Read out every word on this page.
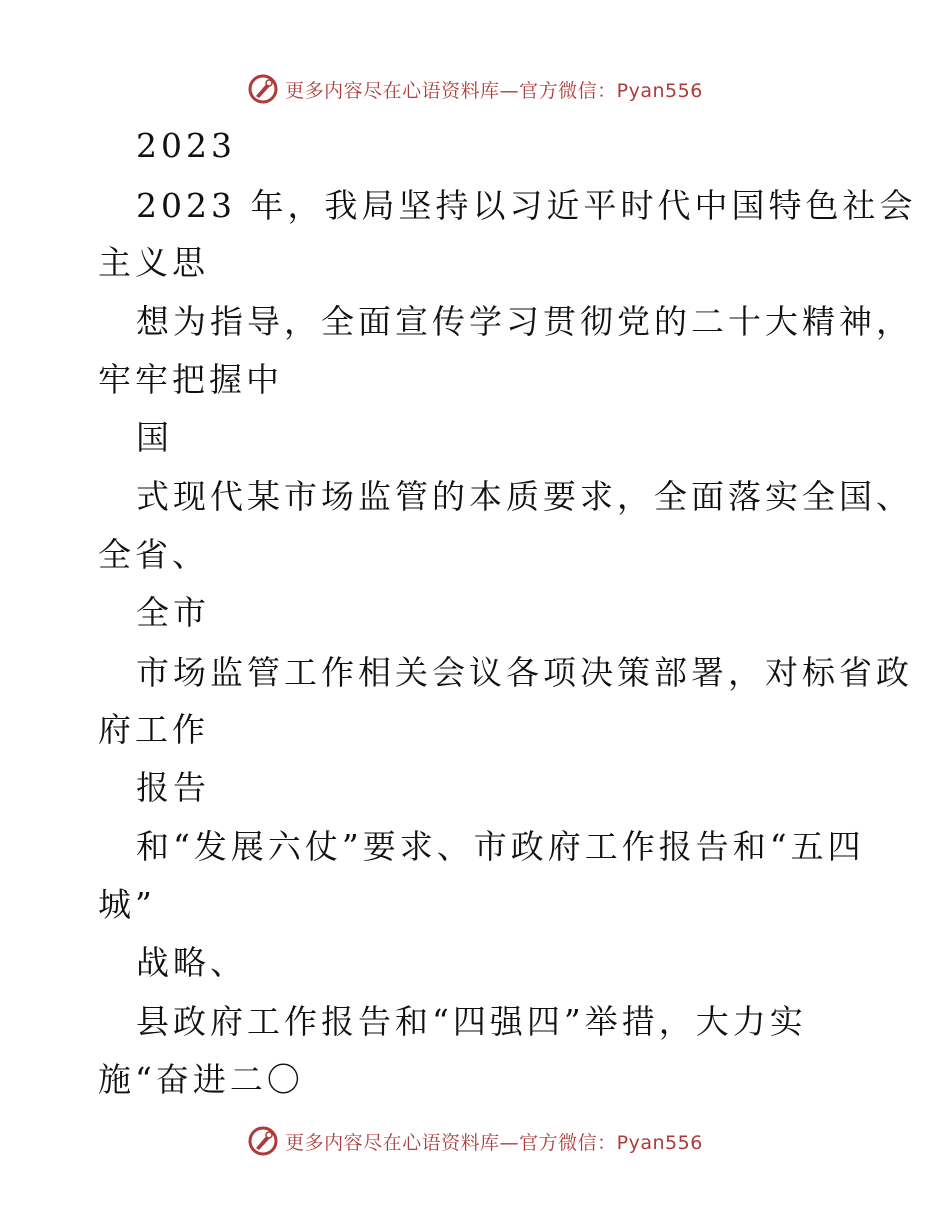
更多内容尽在心语资料库—官方微信：Pyan556
2023
2023 年，我局坚持以习近平时代中国特色社会
主义思
想为指导，全面宣传学习贯彻党的二十大精神，
牢牢把握中
国
式现代某市场监管的本质要求，全面落实全国、
全省、
全市
市场监管工作相关会议各项决策部署，对标省政
府工作
报告
和“发展六仗”要求、市政府工作报告和“五四
城”
战略、
县政府工作报告和“四强四”举措，大力实
施“奋进二〇
更多内容尽在心语资料库—官方微信：Pyan556
